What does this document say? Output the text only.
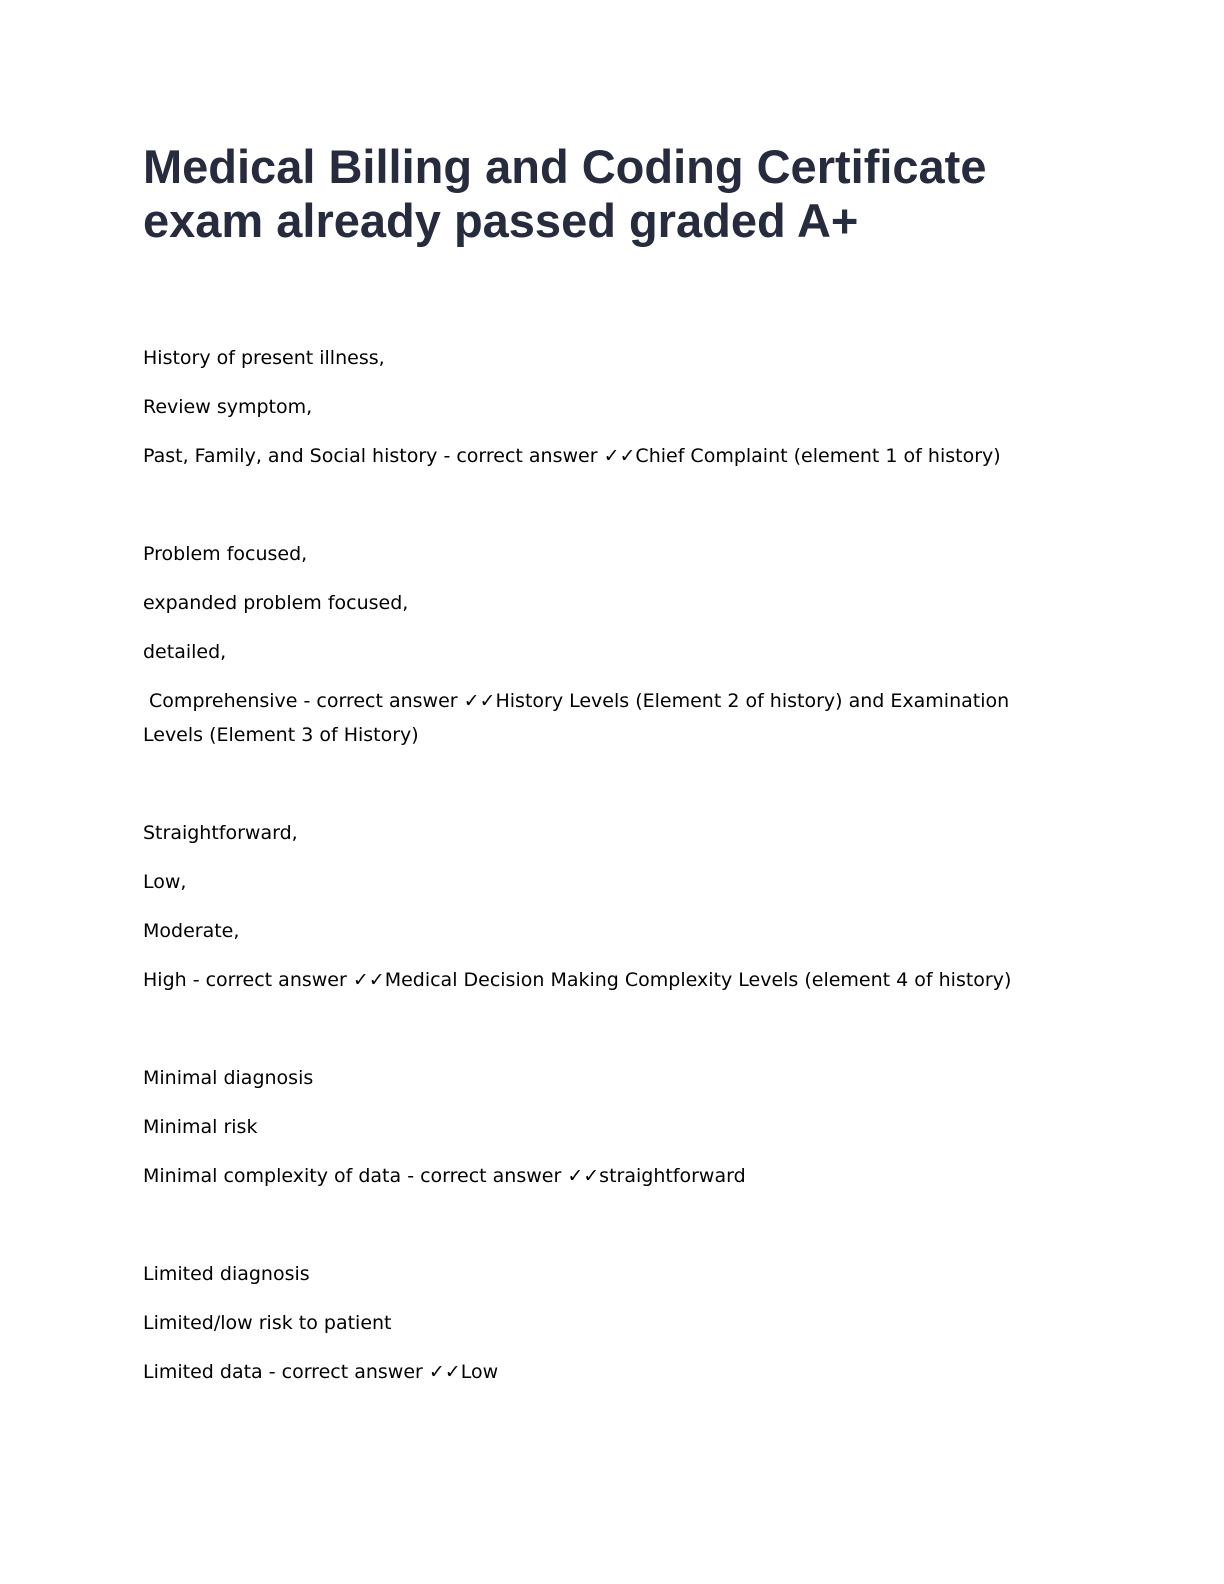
Medical Billing and Coding Certificate
exam already passed graded A+

History of present illness,

Review symptom,

Past, Family, and Social history - correct answer ✓✓Chief Complaint (element 1 of history)

Problem focused,

expanded problem focused,

detailed,

Comprehensive - correct answer ✓✓History Levels (Element 2 of history) and Examination Levels (Element 3 of History)

Straightforward,

Low,

Moderate,

High - correct answer ✓✓Medical Decision Making Complexity Levels (element 4 of history)

Minimal diagnosis

Minimal risk

Minimal complexity of data - correct answer ✓✓straightforward

Limited diagnosis

Limited/low risk to patient

Limited data - correct answer ✓✓Low
